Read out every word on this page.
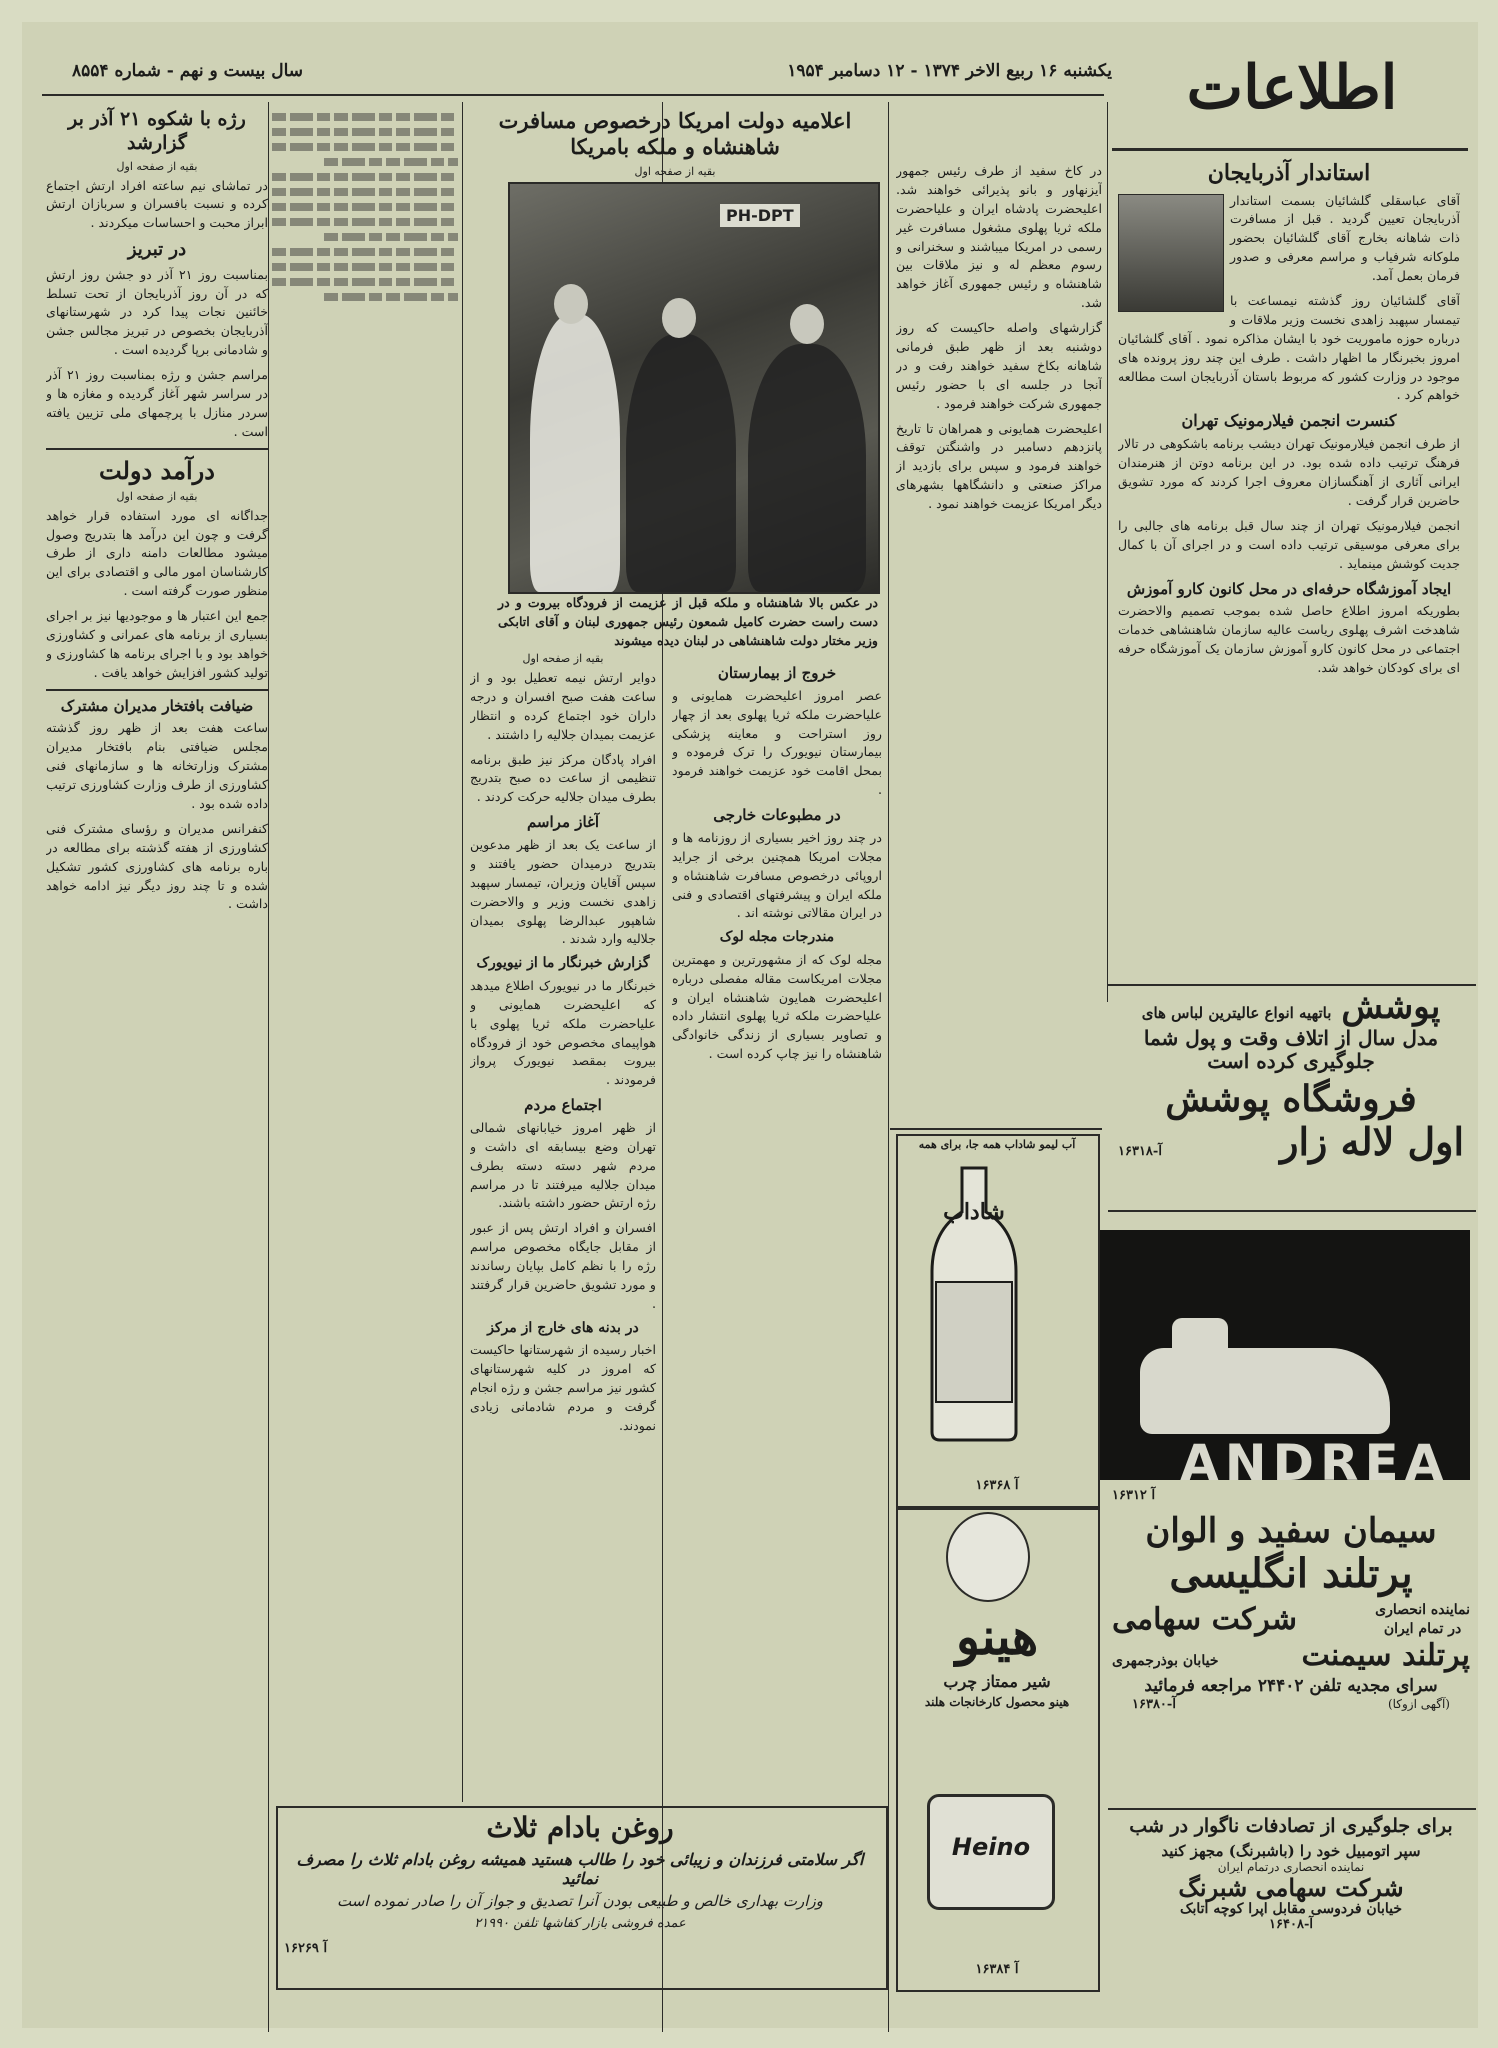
یکشنبه ۱۶ ربیع الاخر ۱۳۷۴ - ۱۲ دسامبر ۱۹۵۴
سال بیست و نهم - شماره ۸۵۵۴	اطلاعات
استاندار آذربایجان

آقای عباسقلی گلشائیان بسمت استاندار آذربایجان تعیین گردید . قبل از مسافرت ذات شاهانه بخارج آقای گلشائیان بحضور ملوکانه شرفیاب و مراسم معرفی و صدور فرمان بعمل آمد.

آقای گلشائیان روز گذشته نیمساعت با تیمسار سپهبد زاهدی نخست وزیر ملاقات و درباره حوزه ماموریت خود با ایشان مذاکره نمود . آقای گلشائیان امروز بخبرنگار ما اظهار داشت . طرف این چند روز پرونده های موجود در وزارت کشور که مربوط باستان آذربایجان است مطالعه خواهم کرد .

کنسرت انجمن فیلارمونیک تهران

از طرف انجمن فیلارمونیک تهران دیشب برنامه باشکوهی در تالار فرهنگ ترتیب داده شده بود. در این برنامه دوتن از هنرمندان ایرانی آثاری از آهنگسازان معروف اجرا کردند که مورد تشویق حاضرین قرار گرفت .

انجمن فیلارمونیک تهران از چند سال قبل برنامه های جالبی را برای معرفی موسیقی ترتیب داده است و در اجرای آن با کمال جدیت کوشش مینماید .

ایجاد آموزشگاه حرفه‌ای در محل کانون کارو آموزش

بطوریکه امروز اطلاع حاصل شده بموجب تصمیم والاحضرت شاهدخت اشرف پهلوی ریاست عالیه سازمان شاهنشاهی خدمات اجتماعی در محل کانون کارو آموزش سازمان یک آموزشگاه حرفه ای برای کودکان خواهد شد.

اعلامیه دولت امریکا درخصوص مسافرت شاهنشاه و ملکه بامریکا
بقیه از صفحه اول	در کاخ سفید از طرف رئیس جمهور آیزنهاور و بانو پذیرائی خواهند شد. اعلیحضرت پادشاه ایران و علیاحضرت ملکه ثریا پهلوی مشغول مسافرت غیر رسمی در امریکا میباشند و سخنرانی و رسوم معظم له و نیز ملاقات بین شاهنشاه و رئیس جمهوری آغاز خواهد شد.

گزارشهای واصله حاکیست که روز دوشنبه بعد از ظهر طبق فرمانی شاهانه بکاخ سفید خواهند رفت و در آنجا در جلسه ای با حضور رئیس جمهوری شرکت خواهند فرمود .

اعلیحضرت همایونی و همراهان تا تاریخ پانزدهم دسامبر در واشنگتن توقف خواهند فرمود و سپس برای بازدید از مراکز صنعتی و دانشگاهها بشهرهای دیگر امریکا عزیمت خواهند نمود .

PH-DPT
در عکس بالا شاهنشاه و ملکه قبل از عزیمت از فرودگاه بیروت و در دست راست حضرت کامیل شمعون رئیس جمهوری لبنان و آقای اتابکی وزیر مختار دولت شاهنشاهی در لبنان دیده میشوند
خروج از بیمارستان

عصر امروز اعلیحضرت همایونی و علیاحضرت ملکه ثریا پهلوی بعد از چهار روز استراحت و معاینه پزشکی بیمارستان نیویورک را ترک فرموده و بمحل اقامت خود عزیمت خواهند فرمود .

در مطبوعات خارجی

در چند روز اخیر بسیاری از روزنامه ها و مجلات امریکا همچنین برخی از جراید اروپائی درخصوص مسافرت شاهنشاه و ملکه ایران و پیشرفتهای اقتصادی و فنی در ایران مقالاتی نوشته اند .

مندرجات مجله لوک

مجله لوک که از مشهورترین و مهمترین مجلات امریکاست مقاله مفصلی درباره اعلیحضرت همایون شاهنشاه ایران و علیاحضرت ملکه ثریا پهلوی انتشار داده و تصاویر بسیاری از زندگی خانوادگی شاهنشاه را نیز چاپ کرده است .

بقیه از صفحه اول

دوایر ارتش نیمه تعطیل بود و از ساعت هفت صبح افسران و درجه داران خود اجتماع کرده و انتظار عزیمت بمیدان جلالیه را داشتند .

افراد پادگان مرکز نیز طبق برنامه تنظیمی از ساعت ده صبح بتدریج بطرف میدان جلالیه حرکت کردند .

آغاز مراسم

از ساعت یک بعد از ظهر مدعوین بتدریج درمیدان حضور یافتند و سپس آقایان وزیران، تیمسار سپهبد زاهدی نخست وزیر و والاحضرت شاهپور عبدالرضا پهلوی بمیدان جلالیه وارد شدند .

گزارش خبرنگار ما از نیویورک

خبرنگار ما در نیویورک اطلاع میدهد که اعلیحضرت همایونی و علیاحضرت ملکه ثریا پهلوی با هواپیمای مخصوص خود از فرودگاه بیروت بمقصد نیویورک پرواز فرمودند .

اجتماع مردم

از ظهر امروز خیابانهای شمالی تهران وضع بیسابقه ای داشت و مردم شهر دسته دسته بطرف میدان جلالیه میرفتند تا در مراسم رژه ارتش حضور داشته باشند.

افسران و افراد ارتش پس از عبور از مقابل جایگاه مخصوص مراسم رژه را با نظم کامل بپایان رساندند و مورد تشویق حاضرین قرار گرفتند .

در بدنه های خارج از مرکز

اخبار رسیده از شهرستانها حاکیست که امروز در کلیه شهرستانهای کشور نیز مراسم جشن و رژه انجام گرفت و مردم شادمانی زیادی نمودند.

رژه با شکوه ۲۱ آذر بر گزارشد
بقیه از صفحه اول

در تماشای نیم ساعته افراد ارتش اجتماع کرده و نسبت بافسران و سربازان ارتش ابراز محبت و احساسات میکردند .

در تبریز

بمناسبت روز ۲۱ آذر دو جشن روز ارتش که در آن روز آذربایجان از تحت تسلط خائنین نجات پیدا کرد در شهرستانهای آذربایجان بخصوص در تبریز مجالس جشن و شادمانی برپا گردیده است .

مراسم جشن و رژه بمناسبت روز ۲۱ آذر در سراسر شهر آغاز گردیده و مغازه ها و سردر منازل با پرچمهای ملی تزیین یافته است .

درآمد دولت
بقیه از صفحه اول

جداگانه ای مورد استفاده قرار خواهد گرفت و چون این درآمد ها بتدریج وصول میشود مطالعات دامنه داری از طرف کارشناسان امور مالی و اقتصادی برای این منظور صورت گرفته است .

جمع این اعتبار ها و موجودیها نیز بر اجرای بسیاری از برنامه های عمرانی و کشاورزی خواهد بود و با اجرای برنامه ها کشاورزی و تولید کشور افزایش خواهد یافت .

ضیافت بافتخار مدیران مشترک

ساعت هفت بعد از ظهر روز گذشته مجلس ضیافتی بنام بافتخار مدیران مشترک وزارتخانه ها و سازمانهای فنی کشاورزی از طرف وزارت کشاورزی ترتیب داده شده بود .

کنفرانس مدیران و رؤسای مشترک فنی کشاورزی از هفته گذشته برای مطالعه در باره برنامه های کشاورزی کشور تشکیل شده و تا چند روز دیگر نیز ادامه خواهد داشت .

پوشش
باتهیه انواع عالیترین لباس های
مدل سال از اتلاف وقت و پول شما
جلوگیری کرده است
فروشگاه پوشش
اول لاله زار
آ-۱۶۳۱۸
ANDREA
آ ۱۶۳۱۲
سیمان سفید و الوان
پرتلند انگلیسی
نماینده انحصاری
در تمام ایران
شرکت سهامی
پرتلند سیمنت
خیابان بوذرجمهری
سرای مجدیه تلفن ۲۴۴۰۲ مراجعه فرمائید
(آگهی ازوکا)
آ-۱۶۳۸۰
برای جلوگیری از تصادفات ناگوار در شب
سپر اتومبیل خود را (باشبرنگ) مجهز کنید
نماینده انحصاری درتمام ایران
شرکت سهامی شبرنگ
خیابان فردوسی مقابل اپرا کوچه اتابک
آ-۱۶۴۰۸
آب لیمو شاداب همه جا، برای همه
شاداب
آ ۱۶۳۶۸
هینو
شیر ممتاز چرب
هینو محصول کارخانجات هلند
Heino
آ ۱۶۳۸۴
روغن بادام ثلاث
اگر سلامتی فرزندان و زیبائی خود را طالب هستید همیشه روغن بادام ثلاث را مصرف نمائید
وزارت بهداری خالص و طبیعی بودن آنرا تصدیق و جواز آن را صادر نموده است
عمده فروشی بازار کفاشها تلفن ۲۱۹۹۰
آ ۱۶۲۶۹
